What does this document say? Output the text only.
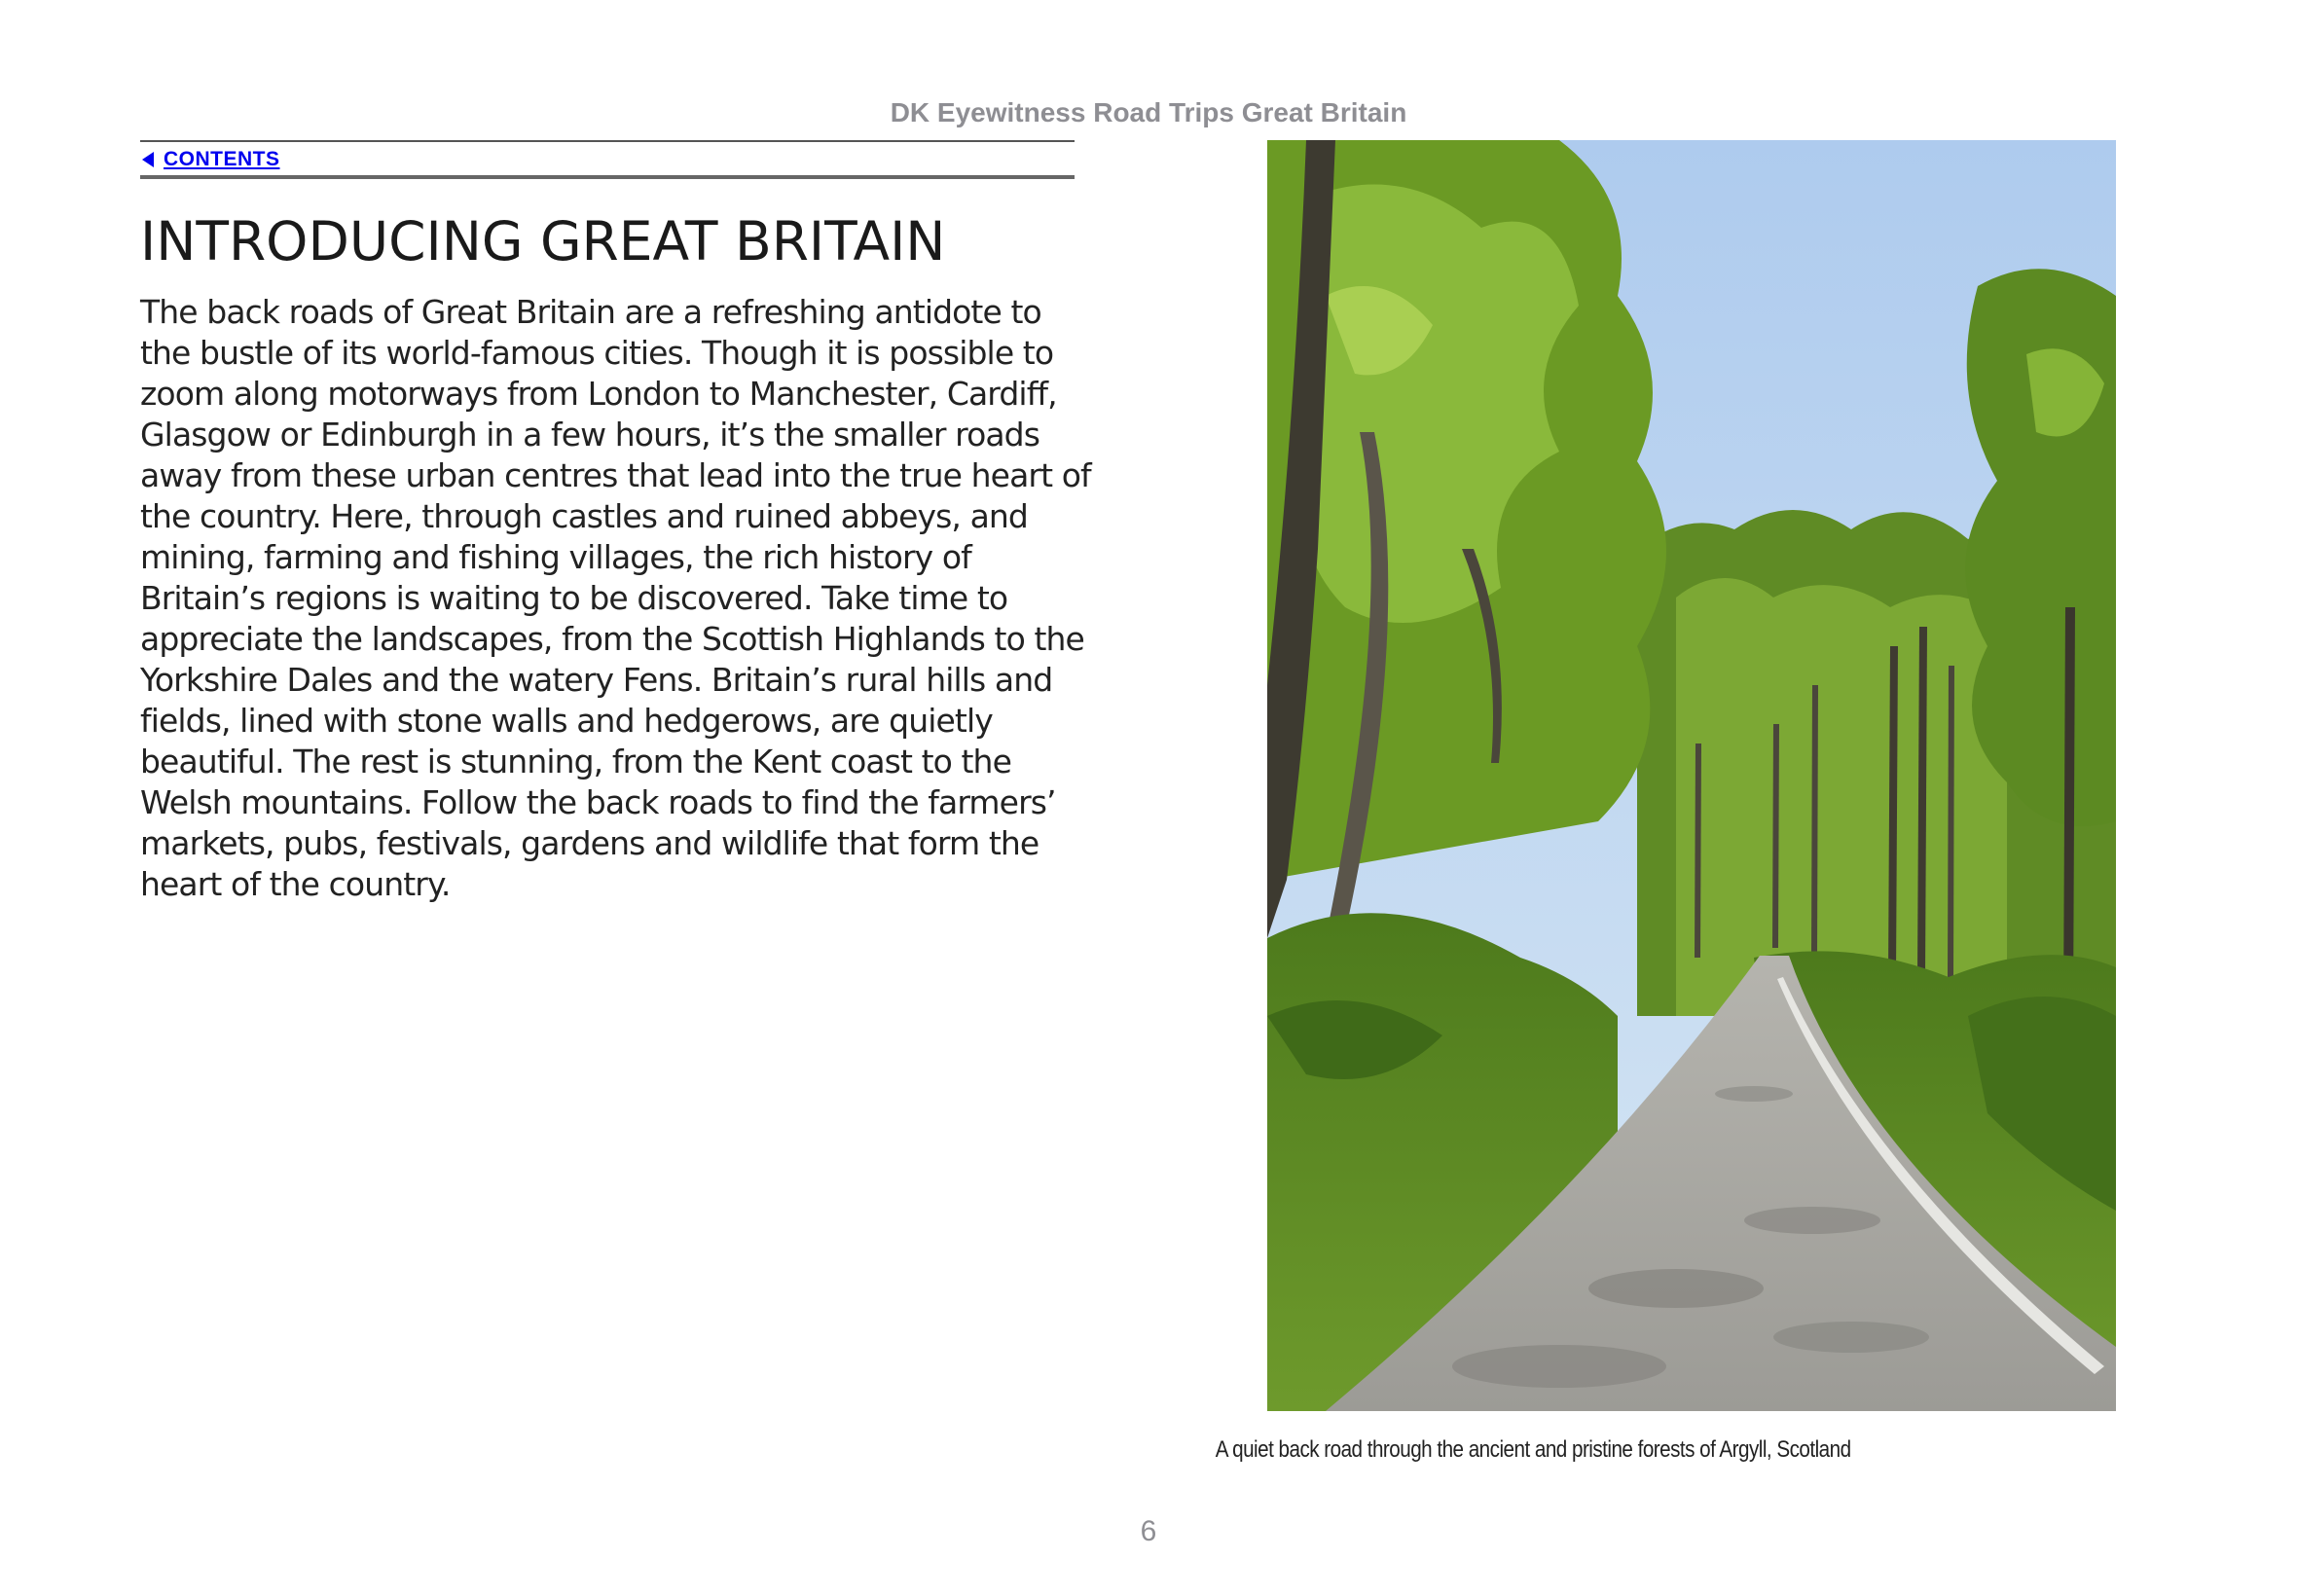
DK Eyewitness Road Trips Great Britain
CONTENTS
INTRODUCING GREAT BRITAIN

The back roads of Great Britain are a refreshing antidote to the bustle of its world-famous cities. Though it is possible to zoom along motorways from London to Manchester, Cardiff, Glasgow or Edinburgh in a few hours, it’s the smaller roads away from these urban centres that lead into the true heart of the country. Here, through castles and ruined abbeys, and mining, farming and fishing villages, the rich history of Britain’s regions is waiting to be discovered. Take time to appreciate the landscapes, from the Scottish Highlands to the Yorkshire Dales and the watery Fens. Britain’s rural hills and fields, lined with stone walls and hedgerows, are quietly beautiful. The rest is stunning, from the Kent coast to the Welsh mountains. Follow the back roads to find the farmers’ markets, pubs, festivals, gardens and wildlife that form the heart of the country.

A quiet back road through the ancient and pristine forests of Argyll, Scotland

6
